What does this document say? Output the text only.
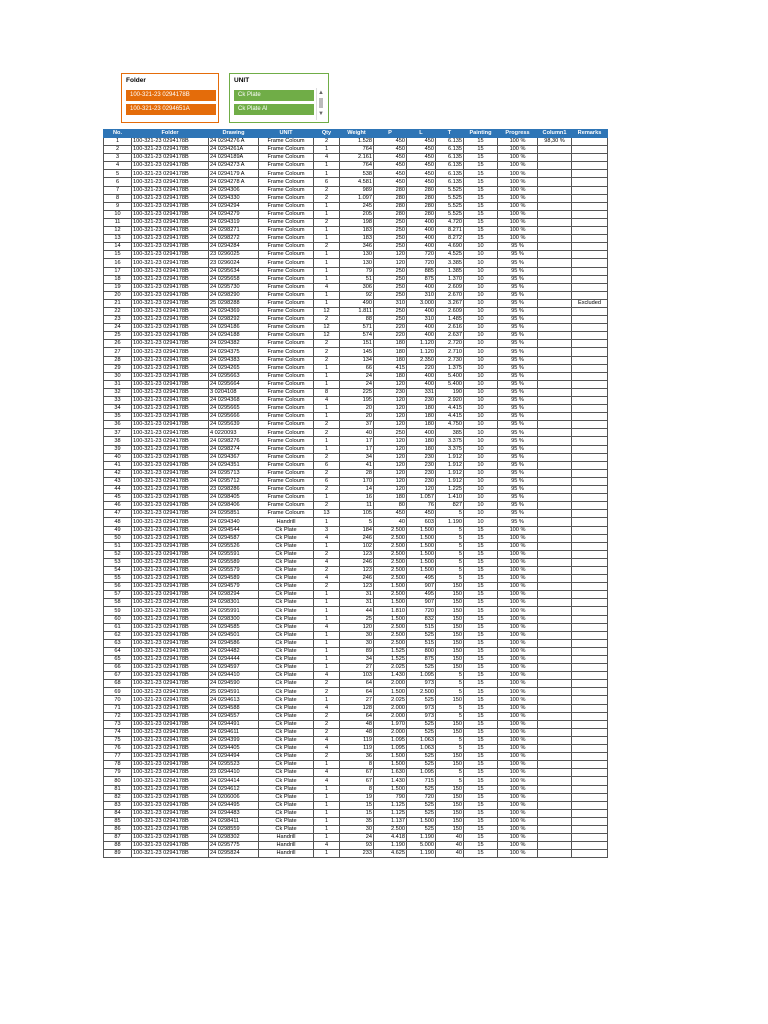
Folder
100-321-23 0294178B
100-321-23 0294651A
UNIT
Ck Plate
Ck Plate Al
▲
▼
No.	Folder	Drawing	UNIT	Qty	Weight	P	L	T	Painting	Progress	Column1	Remarks
1	100-321-23 0294178B	24 0294276 A	Frame Coloum	2	1.528	450	450	6.135	15	100 %	98,30 %	
2	100-321-23 0294178B	24 0294261A	Frame Coloum	1	764	450	450	6.135	15	100 %		
3	100-321-23 0294178B	24 0294189A	Frame Coloum	4	2.161	450	450	6.135	15	100 %		
4	100-321-23 0294178B	24 0294273 A	Frame Coloum	1	764	450	450	6.135	15	100 %		
5	100-321-23 0294178B	24 0294179 A	Frame Coloum	1	538	450	450	6.135	15	100 %		
6	100-321-23 0294178B	24 0294278 A	Frame Coloum	6	4.581	450	450	6.135	15	100 %		
7	100-321-23 0294178B	24 0294306	Frame Coloum	2	989	280	280	5.525	15	100 %		
8	100-321-23 0294178B	24 0294330	Frame Coloum	2	1.097	280	280	5.525	15	100 %		
9	100-321-23 0294178B	24 0294294	Frame Coloum	1	245	280	280	5.525	15	100 %		
10	100-321-23 0294178B	24 0294279	Frame Coloum	1	205	280	280	5.525	15	100 %		
11	100-321-23 0294178B	24 0294319	Frame Coloum	2	198	250	400	4.720	15	100 %		
12	100-321-23 0294178B	24 0298271	Frame Coloum	1	183	250	400	8.271	15	100 %		
13	100-321-23 0294178B	24 0298272	Frame Coloum	1	183	250	400	8.272	15	100 %		
14	100-321-23 0294178B	24 0294284	Frame Coloum	2	346	250	400	4.690	10	95 %		
15	100-321-23 0294178B	23 0296025	Frame Coloum	1	130	120	720	4.525	10	95 %		
16	100-321-23 0294178B	23 0296024	Frame Coloum	1	130	120	720	3.385	10	95 %		
17	100-321-23 0294178B	24 0295634	Frame Coloum	1	79	250	885	1.385	10	95 %		
18	100-321-23 0294178B	24 0295658	Frame Coloum	1	51	250	875	1.370	10	95 %		
19	100-321-23 0294178B	24 0295730	Frame Coloum	4	306	250	400	2.609	10	95 %		
20	100-321-23 0294178B	24 0298290	Frame Coloum	1	92	250	310	2.670	10	95 %		
21	100-321-23 0294178B	25 0298288	Frame Coloum	1	490	310	3.000	3.267	10	95 %		Excluded
22	100-321-23 0294178B	24 0294369	Frame Coloum	12	1.811	250	400	2.609	10	95 %		
23	100-321-23 0294178B	24 0298292	Frame Coloum	2	88	250	310	1.485	10	95 %		
24	100-321-23 0294178B	24 0294186	Frame Coloum	12	571	220	400	2.616	10	95 %		
25	100-321-23 0294178B	24 0294188	Frame Coloum	12	574	220	400	2.637	10	95 %		
26	100-321-23 0294178B	24 0294382	Frame Coloum	2	151	180	1.120	2.720	10	95 %		
27	100-321-23 0294178B	24 0294375	Frame Coloum	2	145	180	1.120	2.710	10	95 %		
28	100-321-23 0294178B	24 0294383	Frame Coloum	2	134	180	2.350	2.730	10	95 %		
29	100-321-23 0294178B	24 0294265	Frame Coloum	1	66	415	220	1.375	10	95 %		
30	100-321-23 0294178B	24 0295663	Frame Coloum	1	24	180	400	5.400	10	95 %		
31	100-321-23 0294178B	24 0295664	Frame Coloum	1	24	120	400	5.400	10	95 %		
32	100-321-23 0294178B	3 0204108	Frame Coloum	8	225	230	331	190	10	95 %		
33	100-321-23 0294178B	24 0294368	Frame Coloum	4	195	120	230	2.920	10	95 %		
34	100-321-23 0294178B	24 0295665	Frame Coloum	1	20	120	180	4.415	10	95 %		
35	100-321-23 0294178B	24 0295666	Frame Coloum	1	20	120	180	4.415	10	95 %		
36	100-321-23 0294178B	24 0295639	Frame Coloum	2	37	120	180	4.750	10	95 %		
37	100-321-23 0294178B	4 0220093	Frame Coloum	2	40	250	400	385	10	95 %		
38	100-321-23 0294178B	24 0298276	Frame Coloum	1	17	120	180	3.375	10	95 %		
39	100-321-23 0294178B	24 0298274	Frame Coloum	1	17	120	180	3.375	10	95 %		
40	100-321-23 0294178B	24 0294367	Frame Coloum	2	34	120	230	1.912	10	95 %		
41	100-321-23 0294178B	24 0294351	Frame Coloum	6	41	120	230	1.912	10	95 %		
42	100-321-23 0294178B	24 0295713	Frame Coloum	2	28	120	230	1.912	10	95 %		
43	100-321-23 0294178B	24 0295712	Frame Coloum	6	170	120	230	1.912	10	95 %		
44	100-321-23 0294178B	23 0298286	Frame Coloum	2	14	120	120	1.225	10	95 %		
45	100-321-23 0294178B	24 0298405	Frame Coloum	1	16	180	1.057	1.410	10	95 %		
46	100-321-23 0294178B	24 0298406	Frame Coloum	2	11	80	76	827	10	95 %		
47	100-321-23 0294178B	24 0295851	Frame Coloum	13	105	450	450	5	10	95 %		
48	100-321-23 0294178B	24 0294340	Handrill	1	5	40	603	1.190	10	95 %		
49	100-321-23 0294178B	24 0294544	Ck Plate	3	184	2.500	1.500	5	15	100 %		
50	100-321-23 0294178B	24 0294587	Ck Plate	4	246	2.500	1.500	5	15	100 %		
51	100-321-23 0294178B	24 0295526	Ck Plate	1	102	2.500	1.500	5	15	100 %		
52	100-321-23 0294178B	24 0295591	Ck Plate	2	123	2.500	1.500	5	15	100 %		
53	100-321-23 0294178B	24 0295589	Ck Plate	4	246	2.500	1.500	5	15	100 %		
54	100-321-23 0294178B	24 0295579	Ck Plate	2	123	2.500	1.500	5	15	100 %		
55	100-321-23 0294178B	24 0294589	Ck Plate	4	246	2.500	495	5	15	100 %		
56	100-321-23 0294178B	24 0294579	Ck Plate	2	123	1.500	907	150	15	100 %		
57	100-321-23 0294178B	24 0298294	Ck Plate	1	31	2.500	495	150	15	100 %		
58	100-321-23 0294178B	24 0298301	Ck Plate	1	31	1.500	907	150	15	100 %		
59	100-321-23 0294178B	24 0295991	Ck Plate	1	44	1.810	720	150	15	100 %		
60	100-321-23 0294178B	24 0298300	Ck Plate	1	25	1.500	832	150	15	100 %		
61	100-321-23 0294178B	24 0294585	Ck Plate	4	120	2.500	515	150	15	100 %		
62	100-321-23 0294178B	24 0294501	Ck Plate	1	30	2.500	525	150	15	100 %		
63	100-321-23 0294178B	24 0294586	Ck Plate	1	30	2.500	515	150	15	100 %		
64	100-321-23 0294178B	24 0294482	Ck Plate	1	89	1.525	800	150	15	100 %		
65	100-321-23 0294178B	24 0294444	Ck Plate	1	34	1.525	875	150	15	100 %		
66	100-321-23 0294178B	24 0294597	Ck Plate	1	27	2.025	525	150	15	100 %		
67	100-321-23 0294178B	24 0294410	Ck Plate	4	103	1.430	1.095	5	15	100 %		
68	100-321-23 0294178B	24 0294590	Ck Plate	2	64	2.000	973	5	15	100 %		
69	100-321-23 0294178B	25 0294591	Ck Plate	2	64	1.500	2.500	5	15	100 %		
70	100-321-23 0294178B	24 0294613	Ck Plate	1	27	2.025	525	150	15	100 %		
71	100-321-23 0294178B	24 0294588	Ck Plate	4	128	2.000	973	5	15	100 %		
72	100-321-23 0294178B	24 0294557	Ck Plate	2	64	2.000	973	5	15	100 %		
73	100-321-23 0294178B	24 0294491	Ck Plate	2	48	1.970	525	150	15	100 %		
74	100-321-23 0294178B	24 0294611	Ck Plate	2	48	2.000	525	150	15	100 %		
75	100-321-23 0294178B	24 0294399	Ck Plate	4	119	1.095	1.063	5	15	100 %		
76	100-321-23 0294178B	24 0294405	Ck Plate	4	119	1.095	1.063	5	15	100 %		
77	100-321-23 0294178B	24 0294494	Ck Plate	2	36	1.500	525	150	15	100 %		
78	100-321-23 0294178B	24 0295523	Ck Plate	1	8	1.500	525	150	15	100 %		
79	100-321-23 0294178B	23 0294410	Ck Plate	4	67	1.630	1.095	5	15	100 %		
80	100-321-23 0294178B	24 0294414	Ck Plate	4	67	1.430	715	5	15	100 %		
81	100-321-23 0294178B	24 0294612	Ck Plate	1	8	1.500	525	150	15	100 %		
82	100-321-23 0294178B	24 0206006	Ck Plate	1	19	790	720	150	15	100 %		
83	100-321-23 0294178B	24 0294495	Ck Plate	1	15	1.125	525	150	15	100 %		
84	100-321-23 0294178B	24 0294483	Ck Plate	1	15	1.125	525	150	15	100 %		
85	100-321-23 0294178B	24 0298411	Ck Plate	1	35	1.137	1.500	150	15	100 %		
86	100-321-23 0294178B	24 0298559	Ck Plate	1	30	2.500	525	150	15	100 %		
87	100-321-23 0294178B	24 0298302	Handrill	1	24	4.418	1.190	40	15	100 %		
88	100-321-23 0294178B	24 0295775	Handrill	4	93	1.190	5.000	40	15	100 %		
89	100-321-23 0294178B	24 0295824	Handrill	1	233	4.625	1.190	40	15	100 %		
